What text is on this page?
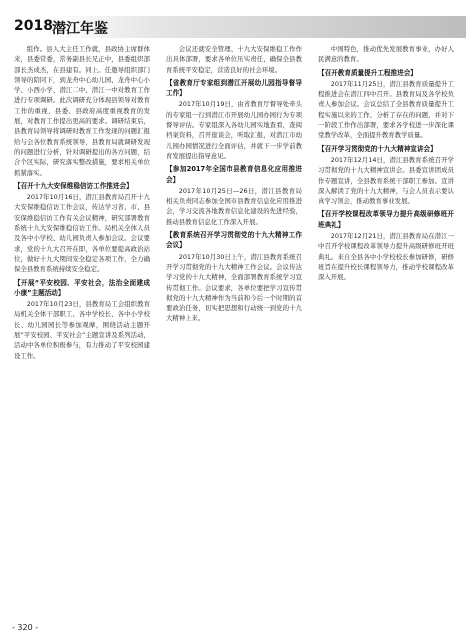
2018 潜江年鉴

组作。县人大主任工作就，县政协主席群体来，县委常委，常务副县长兄正中，县委组织部部长杰成杰，在县建有。同上。任邀导组织部门领导的陪同下，到龙舟中心幼儿园、龙舟中心小学、小西小学、潜江二中，潜江一中对教育工作进行专项调研。此次调研充分体现县领导对教育工作的重视，县委、县政府高度重视教育的发展，对教育工作提出更高的要求。调研结束后，县教育局领导将调研时教育工作发现的问题汇报给与会各位教育系统领导，县教育局就调研发现的问题进行分析，针对调研提出的各方问题，结合个区实际，研究落实整改措施，要求相关单位抓紧落实。

【召开十九大安保维稳信访工作推进会】

2017年10月16日，潜江县教育局召开十九大安保维稳信访工作会议，传达学习省、市、县安保维稳信访工作有关会议精神，研究部署教育系统十九大安保维稳信访工作。局机关全体人员及各中小学校、幼儿园负责人参加会议。会议要求，党的十九大召开在即，各单位要提高政治站位，做好十九大期间安全稳定各项工作，全力确保全县教育系统持续安全稳定。

【开展“平安校园、平安社会，法治全面建成小康”主题活动】

2017年10月23日，县教育局工会组织教育局机关全体干部职工、各中学校长、各中小学校长、幼儿园园长等参加观摩，围绕活动主题开展“平安校园、平安社会”主题宣讲及系列活动，活动中各单位积极参与，有力推动了平安校园建设工作。

会议还就安全管理、十九大安保维稳工作作出具体部署，要求各单位压实责任，确保全县教育系统平安稳定，营造良好的社会环境。

【省教育厅专家组到潜江开展幼儿园指导督导工作】

2017年10月19日，由省教育厅督导处牵头的专家组一行到潜江市开展幼儿园办园行为专项督导评估。专家组深入各幼儿园实地查看，查阅档案资料，召开座谈会，听取汇报，对潜江市幼儿园办园情况进行全面评估，并就下一步学前教育发展提出指导意见。

【参加2017年全国市县教育信息化应用推进会】

2017年10月25日—26日，潜江县教育局相关负责同志参加全国市县教育信息化应用推进会，学习交流各地教育信息化建设的先进经验，推动县教育信息化工作深入开展。

【教育系统召开学习贯彻党的十九大精神工作会议】

2017年10月30日上午，潜江县教育系统召开学习贯彻党的十九大精神工作会议。会议传达学习党的十九大精神，全面部署教育系统学习宣传贯彻工作。会议要求，各单位要把学习宣传贯彻党的十九大精神作为当前和今后一个时期的首要政治任务，切实把思想和行动统一到党的十九大精神上来。

中国特色，推动优先发展教育事业，办好人民满意的教育。

【召开教育质量提升工程推进会】

2017年11月25日，潜江县教育质量提升工程推进会在潜江四中召开。县教育局及各学校负责人参加会议。会议总结了全县教育质量提升工程实施以来的工作，分析了存在的问题，并对下一阶段工作作出部署，要求各学校进一步深化课堂教学改革，全面提升教育教学质量。

【召开学习贯彻党的十九大精神宣讲会】

2017年12月14日，潜江县教育系统召开学习贯彻党的十九大精神宣讲会。县委宣讲团成员作专题宣讲，全县教育系统干部职工参加。宣讲深入解读了党的十九大精神，与会人员表示要认真学习领会，推动教育事业发展。

【召开学校课程改革领导力提升高级研修班开班典礼】

2017年12月21日，潜江县教育局在潜江一中召开学校课程改革领导力提升高级研修班开班典礼。来自全县各中小学校校长参加研修，研修班旨在提升校长课程领导力，推动学校课程改革深入开展。

- 320 -
